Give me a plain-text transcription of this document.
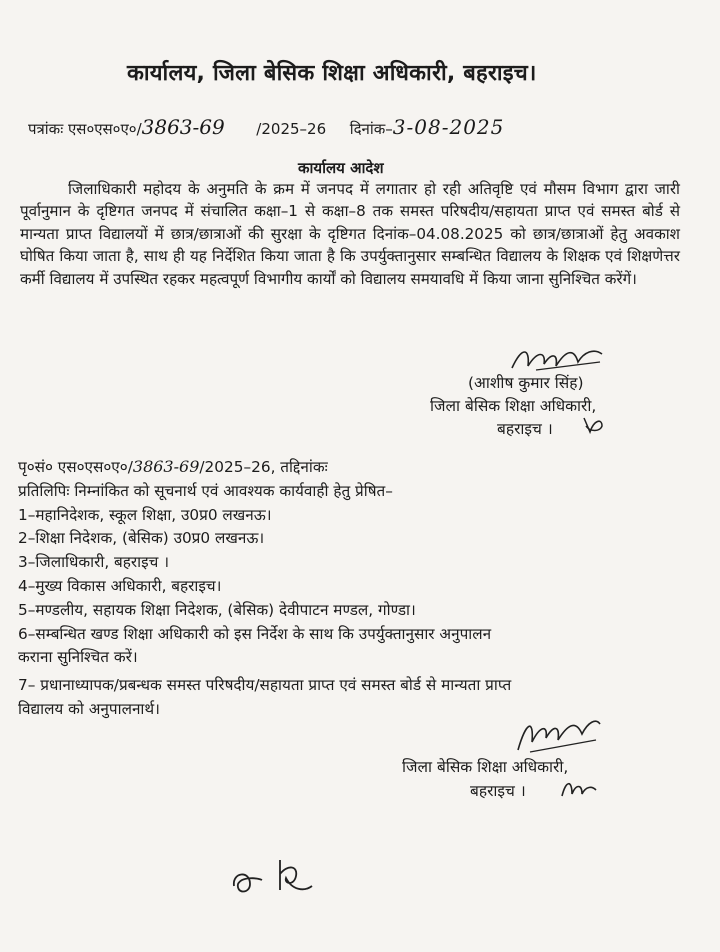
कार्यालय, जिला बेसिक शिक्षा अधिकारी, बहराइच।
पत्रांकः एस०एस०ए०/3863-69 /2025–26 दिनांक–3-08-2025
कार्यालय आदेश
जिलाधिकारी महोदय के अनुमति के क्रम में जनपद में लगातार हो रही अतिवृष्टि एवं मौसम विभाग द्वारा जारी पूर्वानुमान के दृष्टिगत जनपद में संचालित कक्षा–1 से कक्षा–8 तक समस्त परिषदीय/सहायता प्राप्त एवं समस्त बोर्ड से मान्यता प्राप्त विद्यालयों में छात्र/छात्राओं की सुरक्षा के दृष्टिगत दिनांक–04.08.2025 को छात्र/छात्राओं हेतु अवकाश घोषित किया जाता है, साथ ही यह निर्देशित किया जाता है कि उपर्युक्तानुसार सम्बन्धित विद्यालय के शिक्षक एवं शिक्षणेत्तर कर्मी विद्यालय में उपस्थित रहकर महत्वपूर्ण विभागीय कार्यों को विद्यालय समयावधि में किया जाना सुनिश्चित करेंगें।
(आशीष कुमार सिंह)
जिला बेसिक शिक्षा अधिकारी,
बहराइच ।
पृ०सं० एस०एस०ए०/3863-69/2025–26, तद्दिनांकः
प्रतिलिपिः निम्नांकित को सूचनार्थ एवं आवश्यक कार्यवाही हेतु प्रेषित–
1–महानिदेशक, स्कूल शिक्षा, उ0प्र0 लखनऊ।
2–शिक्षा निदेशक, (बेसिक) उ0प्र0 लखनऊ।
3–जिलाधिकारी, बहराइच ।
4–मुख्य विकास अधिकारी, बहराइच।
5–मण्डलीय, सहायक शिक्षा निदेशक, (बेसिक) देवीपाटन मण्डल, गोण्डा।
6–सम्बन्धित खण्ड शिक्षा अधिकारी को इस निर्देश के साथ कि उपर्युक्तानुसार अनुपालन
कराना सुनिश्चित करें।
7– प्रधानाध्यापक/प्रबन्धक समस्त परिषदीय/सहायता प्राप्त एवं समस्त बोर्ड से मान्यता प्राप्त
विद्यालय को अनुपालनार्थ।
जिला बेसिक शिक्षा अधिकारी,
बहराइच ।
